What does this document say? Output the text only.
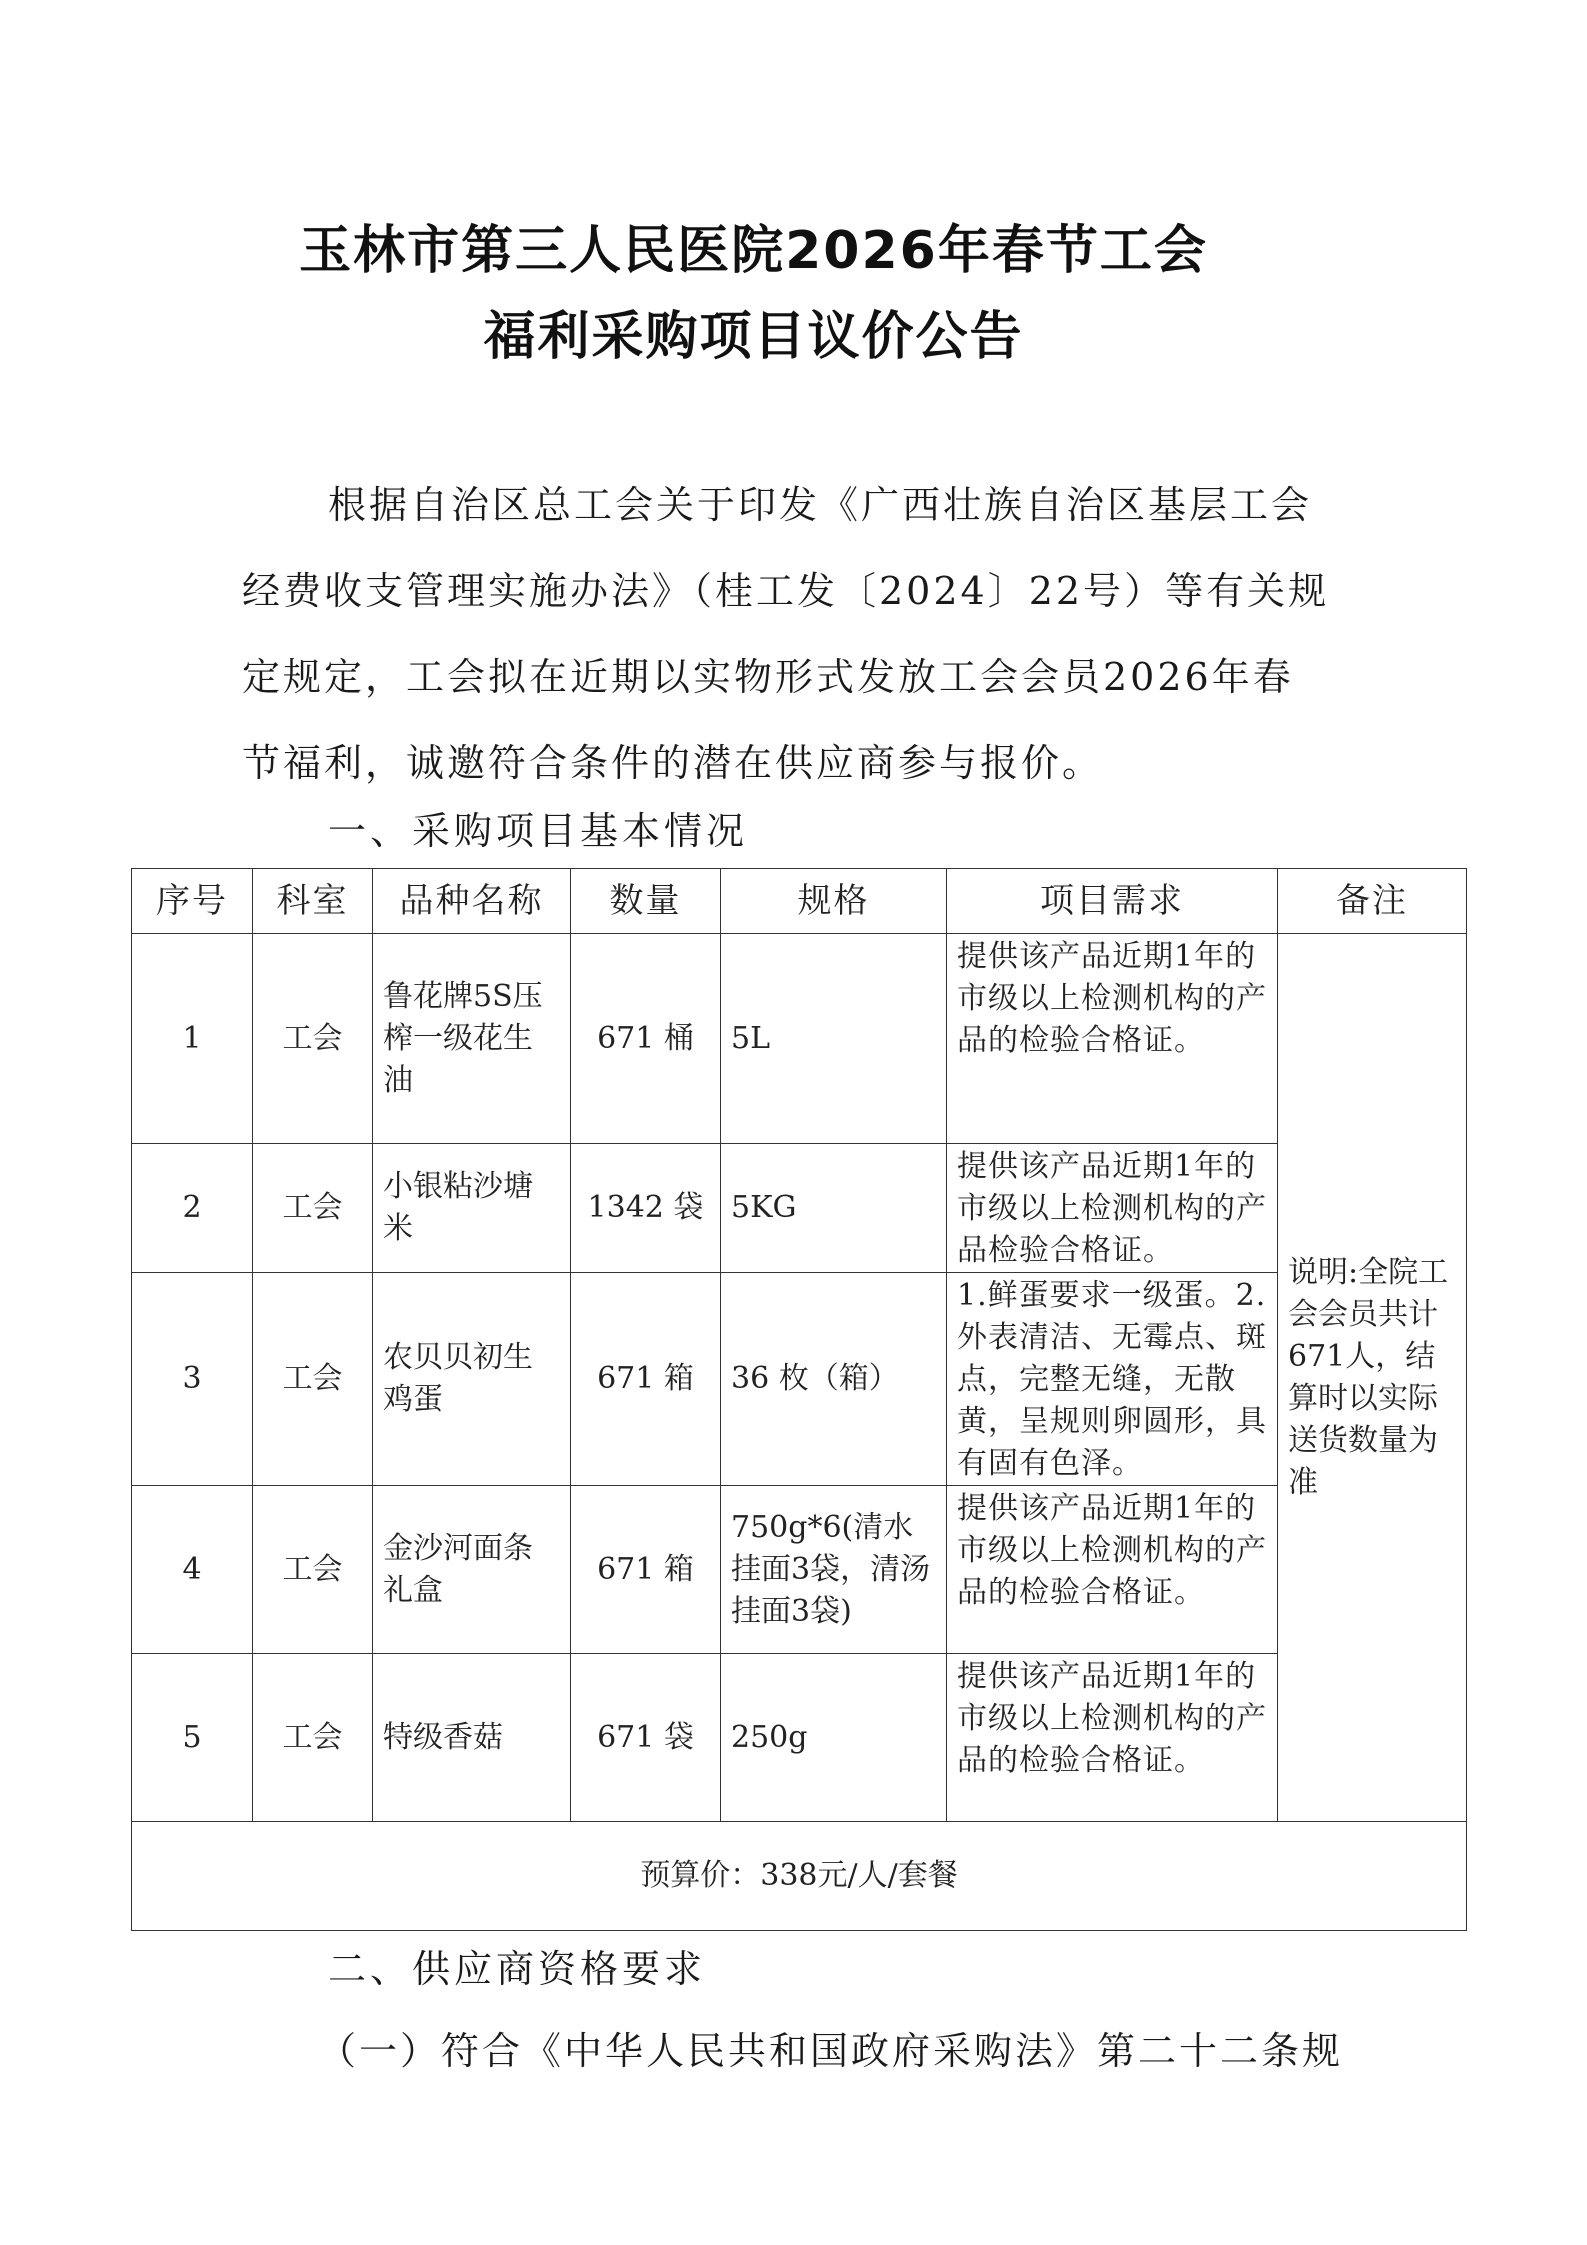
玉林市第三人民医院2026年春节工会
福利采购项目议价公告
根据自治区总工会关于印发《广西壮族自治区基层工会
经费收支管理实施办法》（桂工发〔2024〕22号）等有关规
定规定，工会拟在近期以实物形式发放工会会员2026年春
节福利，诚邀符合条件的潜在供应商参与报价。
一、采购项目基本情况
序号	科室	品种名称	数量	规格	项目需求	备注
1	工会	鲁花牌5S压榨一级花生油	671 桶	5L	提供该产品近期1年的市级以上检测机构的产品的检验合格证。	说明:全院工会会员共计671人，结算时以实际送货数量为准
2	工会	小银粘沙塘米	1342 袋	5KG	提供该产品近期1年的市级以上检测机构的产品检验合格证。	
3	工会	农贝贝初生鸡蛋	671 箱	36 枚（箱）	1.鲜蛋要求一级蛋。2.外表清洁、无霉点、斑点，完整无缝，无散黄，呈规则卵圆形，具有固有色泽。	
4	工会	金沙河面条礼盒	671 箱	750g*6(清水挂面3袋，清汤挂面3袋)	提供该产品近期1年的市级以上检测机构的产品的检验合格证。	
5	工会	特级香菇	671 袋	250g	提供该产品近期1年的市级以上检测机构的产品的检验合格证。	
预算价：338元/人/套餐						
二、供应商资格要求
（一）符合《中华人民共和国政府采购法》第二十二条规
